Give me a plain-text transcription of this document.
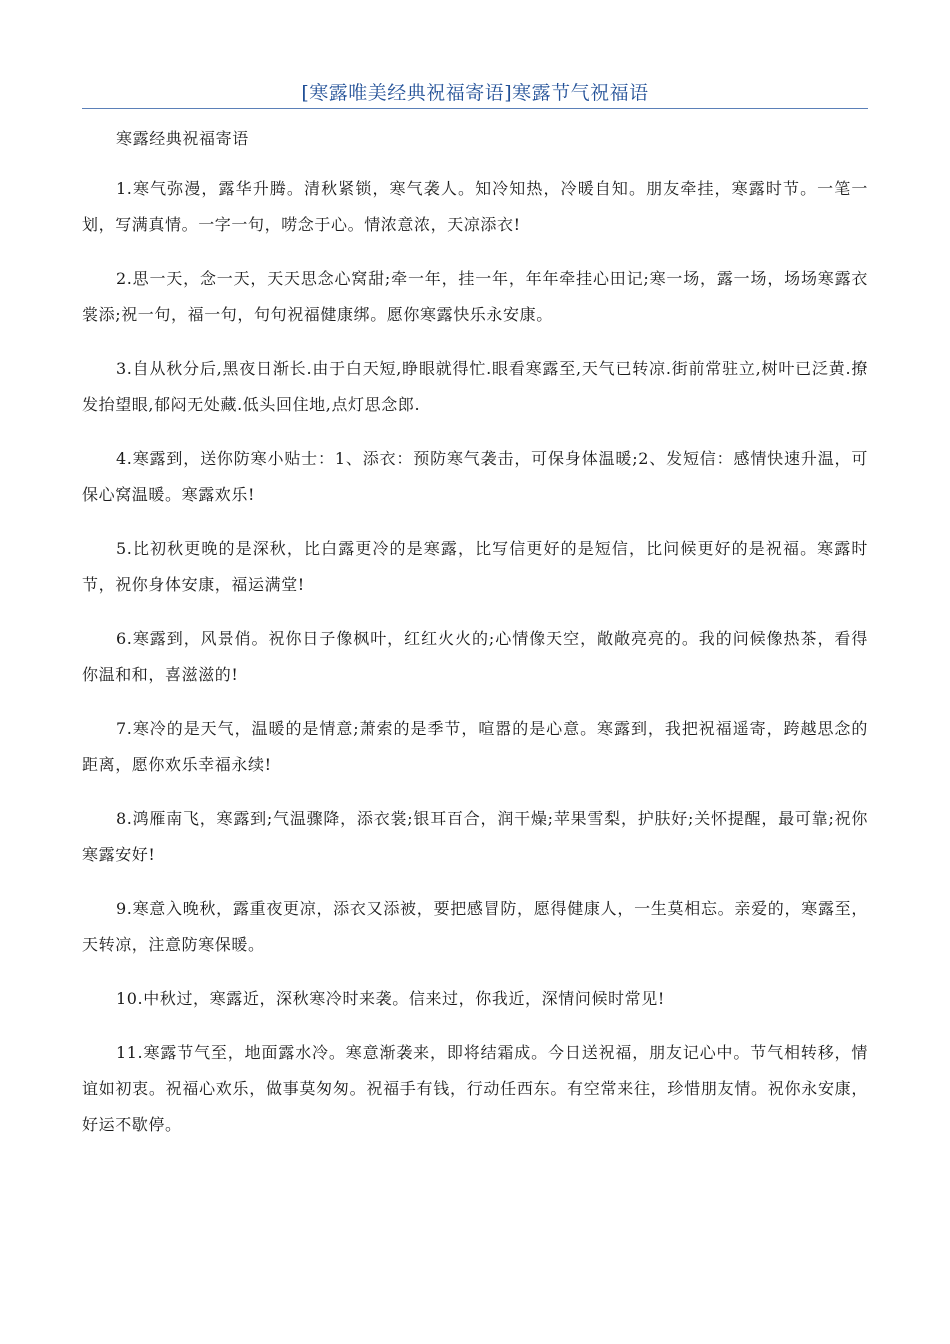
[寒露唯美经典祝福寄语]寒露节气祝福语
寒露经典祝福寄语

1.寒气弥漫，露华升腾。清秋紧锁，寒气袭人。知冷知热，冷暖自知。朋友牵挂，寒露时节。一笔一划，写满真情。一字一句，唠念于心。情浓意浓，天凉添衣!

2.思一天，念一天，天天思念心窝甜;牵一年，挂一年，年年牵挂心田记;寒一场，露一场，场场寒露衣裳添;祝一句，福一句，句句祝福健康绑。愿你寒露快乐永安康。

3.自从秋分后,黑夜日渐长.由于白天短,睁眼就得忙.眼看寒露至,天气已转凉.街前常驻立,树叶已泛黄.撩发抬望眼,郁闷无处藏.低头回住地,点灯思念郎.

4.寒露到，送你防寒小贴士：1、添衣：预防寒气袭击，可保身体温暖;2、发短信：感情快速升温，可保心窝温暖。寒露欢乐!

5.比初秋更晚的是深秋，比白露更冷的是寒露，比写信更好的是短信，比问候更好的是祝福。寒露时节，祝你身体安康，福运满堂!

6.寒露到，风景俏。祝你日子像枫叶，红红火火的;心情像天空，敞敞亮亮的。我的问候像热茶，看得你温和和，喜滋滋的!

7.寒冷的是天气，温暖的是情意;萧索的是季节，喧嚣的是心意。寒露到，我把祝福遥寄，跨越思念的距离，愿你欢乐幸福永续!

8.鸿雁南飞，寒露到;气温骤降，添衣裳;银耳百合，润干燥;苹果雪梨，护肤好;关怀提醒，最可靠;祝你寒露安好!

9.寒意入晚秋，露重夜更凉，添衣又添被，要把感冒防，愿得健康人，一生莫相忘。亲爱的，寒露至，天转凉，注意防寒保暖。

10.中秋过，寒露近，深秋寒冷时来袭。信来过，你我近，深情问候时常见!

11.寒露节气至，地面露水冷。寒意渐袭来，即将结霜成。今日送祝福，朋友记心中。节气相转移，情谊如初衷。祝福心欢乐，做事莫匆匆。祝福手有钱，行动任西东。有空常来往，珍惜朋友情。祝你永安康，好运不歇停。
